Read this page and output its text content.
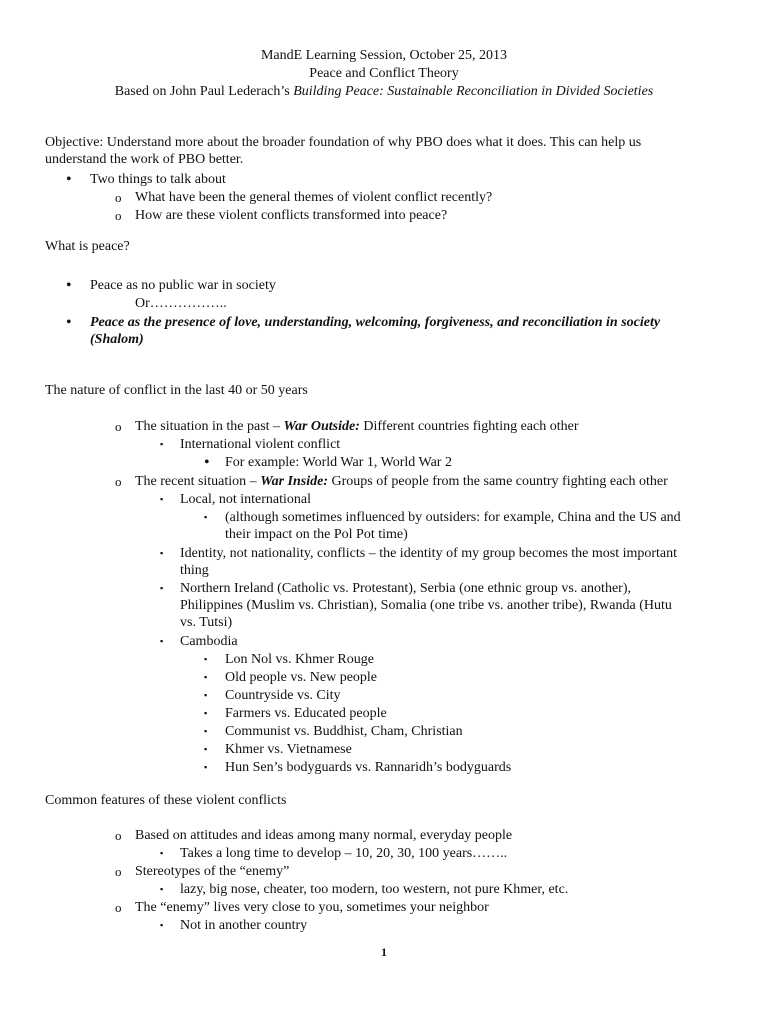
MandE Learning Session, October 25, 2013
Peace and Conflict Theory
Based on John Paul Lederach’s Building Peace: Sustainable Reconciliation in Divided Societies
Objective: Understand more about the broader foundation of why PBO does what it does. This can help us
understand the work of PBO better.
• Two things to talk about
o What have been the general themes of violent conflict recently?
o How are these violent conflicts transformed into peace?
What is peace?
• Peace as no public war in society
Or……………..
• Peace as the presence of love, understanding, welcoming, forgiveness, and reconciliation in society
(Shalom)
The nature of conflict in the last 40 or 50 years
o The situation in the past – War Outside: Different countries fighting each other
▪ International violent conflict
• For example: World War 1, World War 2
o The recent situation – War Inside: Groups of people from the same country fighting each other
▪ Local, not international
▪ (although sometimes influenced by outsiders: for example, China and the US and
their impact on the Pol Pot time)
▪ Identity, not nationality, conflicts – the identity of my group becomes the most important
thing
▪ Northern Ireland (Catholic vs. Protestant), Serbia (one ethnic group vs. another),
Philippines (Muslim vs. Christian), Somalia (one tribe vs. another tribe), Rwanda (Hutu
vs. Tutsi)
▪ Cambodia
▪ Lon Nol vs. Khmer Rouge
▪ Old people vs. New people
▪ Countryside vs. City
▪ Farmers vs. Educated people
▪ Communist vs. Buddhist, Cham, Christian
▪ Khmer vs. Vietnamese
▪ Hun Sen’s bodyguards vs. Rannaridh’s bodyguards
Common features of these violent conflicts
o Based on attitudes and ideas among many normal, everyday people
▪ Takes a long time to develop – 10, 20, 30, 100 years……..
o Stereotypes of the “enemy”
▪ lazy, big nose, cheater, too modern, too western, not pure Khmer, etc.
o The “enemy” lives very close to you, sometimes your neighbor
▪ Not in another country
1
